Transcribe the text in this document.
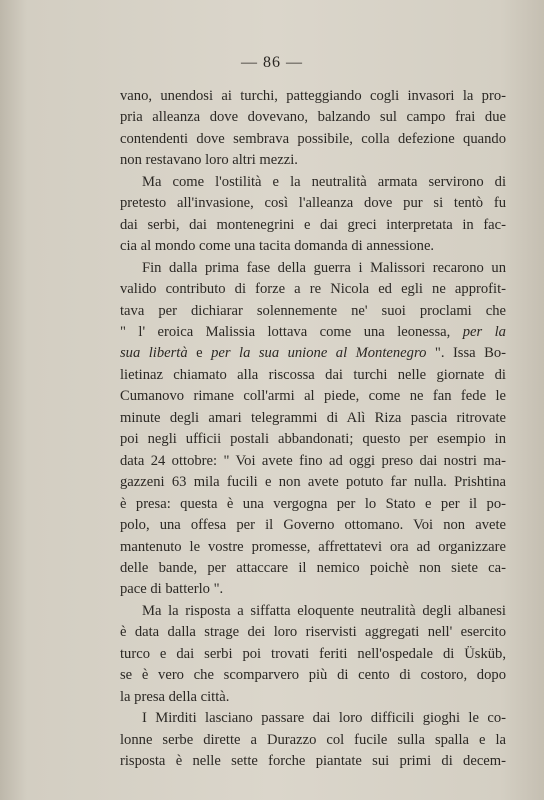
— 86 —
vano, unendosi ai turchi, patteggiando cogli invasori la pro-
pria alleanza dove dovevano, balzando sul campo frai due
contendenti dove sembrava possibile, colla defezione quando
non restavano loro altri mezzi.
Ma come l'ostilità e la neutralità armata servirono di
pretesto all'invasione, così l'alleanza dove pur si tentò fu
dai serbi, dai montenegrini e dai greci interpretata in fac-
cia al mondo come una tacita domanda di annessione.
Fin dalla prima fase della guerra i Malissori recarono un
valido contributo di forze a re Nicola ed egli ne approfit-
tava per dichiarar solennemente ne' suoi proclami che
" l' eroica Malissia lottava come una leonessa, per la
sua libertà e per la sua unione al Montenegro ". Issa Bo-
lietinaz chiamato alla riscossa dai turchi nelle giornate di
Cumanovo rimane coll'armi al piede, come ne fan fede le
minute degli amari telegrammi di Alì Riza pascia ritrovate
poi negli ufficii postali abbandonati; questo per esempio in
data 24 ottobre: " Voi avete fino ad oggi preso dai nostri ma-
gazzeni 63 mila fucili e non avete potuto far nulla. Prishtina
è presa: questa è una vergogna per lo Stato e per il po-
polo, una offesa per il Governo ottomano. Voi non avete
mantenuto le vostre promesse, affrettatevi ora ad organizzare
delle bande, per attaccare il nemico poichè non siete ca-
pace di batterlo ".
Ma la risposta a siffatta eloquente neutralità degli albanesi
è data dalla strage dei loro riservisti aggregati nell' esercito
turco e dai serbi poi trovati feriti nell'ospedale di Üsküb,
se è vero che scomparvero più di cento di costoro, dopo
la presa della città.
I Mirditi lasciano passare dai loro difficili gioghi le co-
lonne serbe dirette a Durazzo col fucile sulla spalla e la
risposta è nelle sette forche piantate sui primi di decem-
